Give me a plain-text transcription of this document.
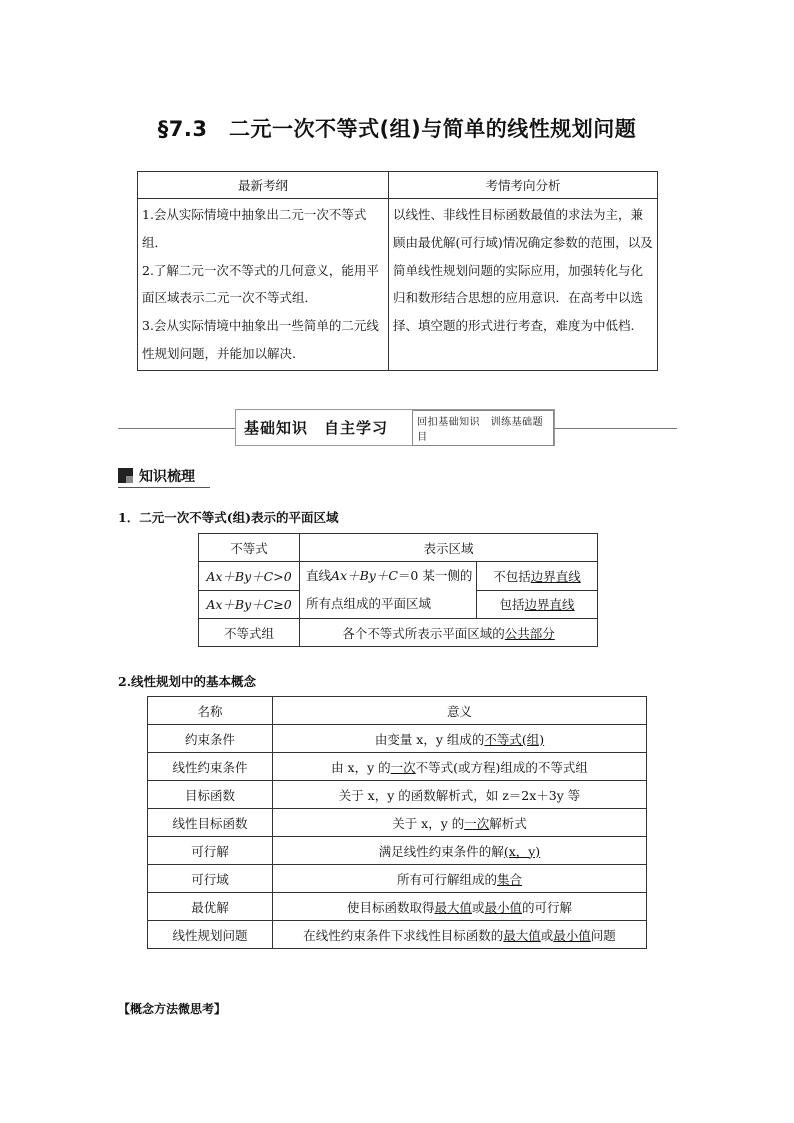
§7.3　二元一次不等式(组)与简单的线性规划问题
最新考纲	考情考向分析

1.会从实际情境中抽象出二元一次不等式组．

2.了解二元一次不等式的几何意义，能用平面区域表示二元一次不等式组．

3.会从实际情境中抽象出一些简单的二元线性规划问题，并能加以解决.	以线性、非线性目标函数最值的求法为主，兼顾由最优解(可行域)情况确定参数的范围，以及简单线性规划问题的实际应用，加强转化与化归和数形结合思想的应用意识．在高考中以选择、填空题的形式进行考查，难度为中低档.
基础知识　自主学习	回扣基础知识　训练基础题目
知识梳理
1．二元一次不等式(组)表示的平面区域
不等式	表示区域	
Ax＋By＋C>0	直线Ax＋By＋C＝0 某一侧的所有点组成的平面区域	不包括边界直线
Ax＋By＋C≥0		包括边界直线
不等式组	各个不等式所表示平面区域的公共部分	
2.线性规划中的基本概念
名称	意义
约束条件	由变量 x，y 组成的不等式(组)
线性约束条件	由 x，y 的一次不等式(或方程)组成的不等式组
目标函数	关于 x，y 的函数解析式，如 z＝2x＋3y 等
线性目标函数	关于 x，y 的一次解析式
可行解	满足线性约束条件的解(x，y)
可行域	所有可行解组成的集合
最优解	使目标函数取得最大值或最小值的可行解
线性规划问题	在线性约束条件下求线性目标函数的最大值或最小值问题
【概念方法微思考】
